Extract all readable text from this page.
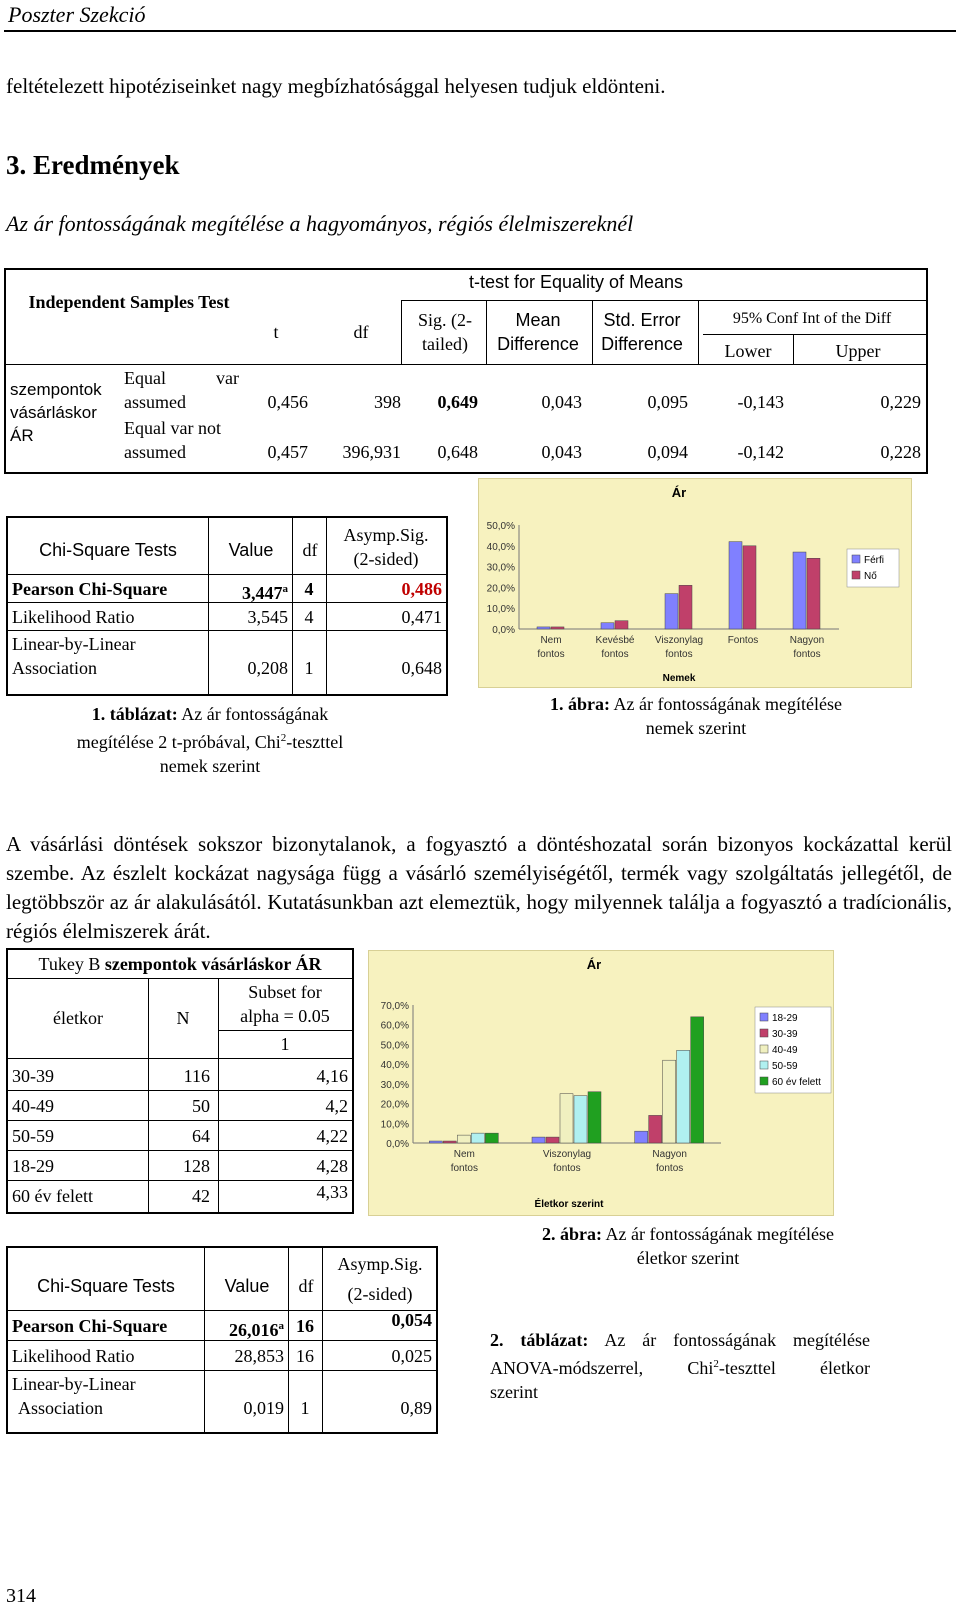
Poszter Szekció
feltételezett hipotéziseinket nagy megbízhatósággal helyesen tudjuk eldönteni.
3. Eredmények
Az ár fontosságának megítélése a hagyományos, régiós élelmiszereknél
Independent Samples Test
t-test for Equality of Means
t	df
Sig. (2-tailed)
Mean Difference
Std. Error Difference
95% Conf Int of the Diff
Lower	Upper
szempontok vásárláskor ÁR
Equal var assumed	0,456	398	0,649	0,043	0,095	-0,143	0,229
Equal var not assumed	0,457	396,931	0,648	0,043	0,094	-0,142	0,228
Chi-Square Tests	Value	df
Asymp.Sig.
(2-sided)
Pearson Chi-Square	3,447$^a$ 4	0,486
Likelihood Ratio	3,545 4	0,471
Linear-by-Linear
Association	0,208 1	0,648
1. táblázat: Az ár fontosságának
megítélése 2 t-próbával, Chi$^2$-teszttel
nemek szerint
Ár
0,0%
10,0%
20,0%
30,0%
40,0%
50,0%
Nem
fontos
Kevésbé
fontos
Viszonylag
fontos
Fontos	Nagyon
fontos
Nemek
Férfi
Nő
1. ábra: Az ár fontosságának megítélése
nemek szerint
A vásárlási döntések sokszor bizonytalanok, a fogyasztó a döntéshozatal során bizonyos kockázattal kerül szembe. Az észlelt kockázat nagysága függ a vásárló személyiségétől, termék vagy szolgáltatás jellegétől, de legtöbbször az ár alakulásától. Kutatásunkban azt elemeztük, hogy milyennek találja a fogyasztó a tradícionális, régiós élelmiszerek árát.
Tukey B szempontok vásárláskor ÁR
életkor	N
Subset for
alpha = 0.05
1
30-39	116	4,16
40-49	50	4,2
50-59	64	4,22
18-29	128	4,28
60 év felett	42	4,33
Ár
0,0%
10,0%
20,0%
30,0%
40,0%
50,0%
60,0%
70,0%
Nem
fontos
Viszonylag
fontos
Nagyon
fontos
Életkor szerint
18-29
30-39
40-49
50-59
60 év felett
Chi-Square Tests	Value	df
Asymp.Sig.
(2-sided)
Pearson Chi-Square	26,016$^a$ 16	0,054
Likelihood Ratio	28,853 16	0,025
Linear-by-Linear
Association	0,019 1	0,89
2. ábra: Az ár fontosságának megítélése
életkor szerint
2. táblázat: Az ár fontosságának megítélése
ANOVA-módszerrel, Chi$^2$-teszttel életkor
szerint
314
